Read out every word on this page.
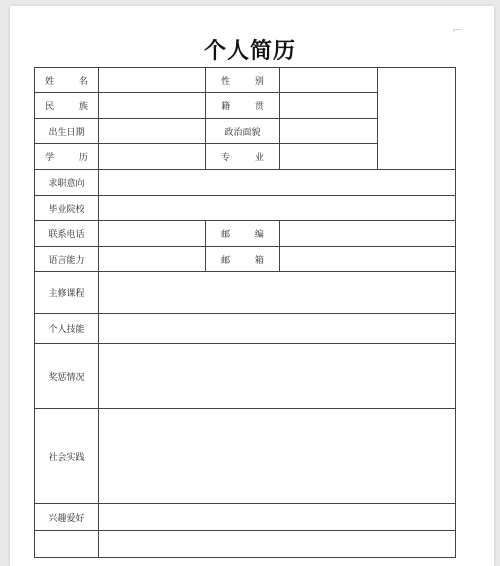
⌐
个人简历
姓 名		性 别		
民 族		籍 贯		
出生日期		政治面貌		
学 历		专 业		
求职意向				
毕业院校				
联系电话		邮 编		
语言能力		邮 箱		
主修课程				
个人技能				
奖惩情况				
社会实践				
兴趣爱好				
